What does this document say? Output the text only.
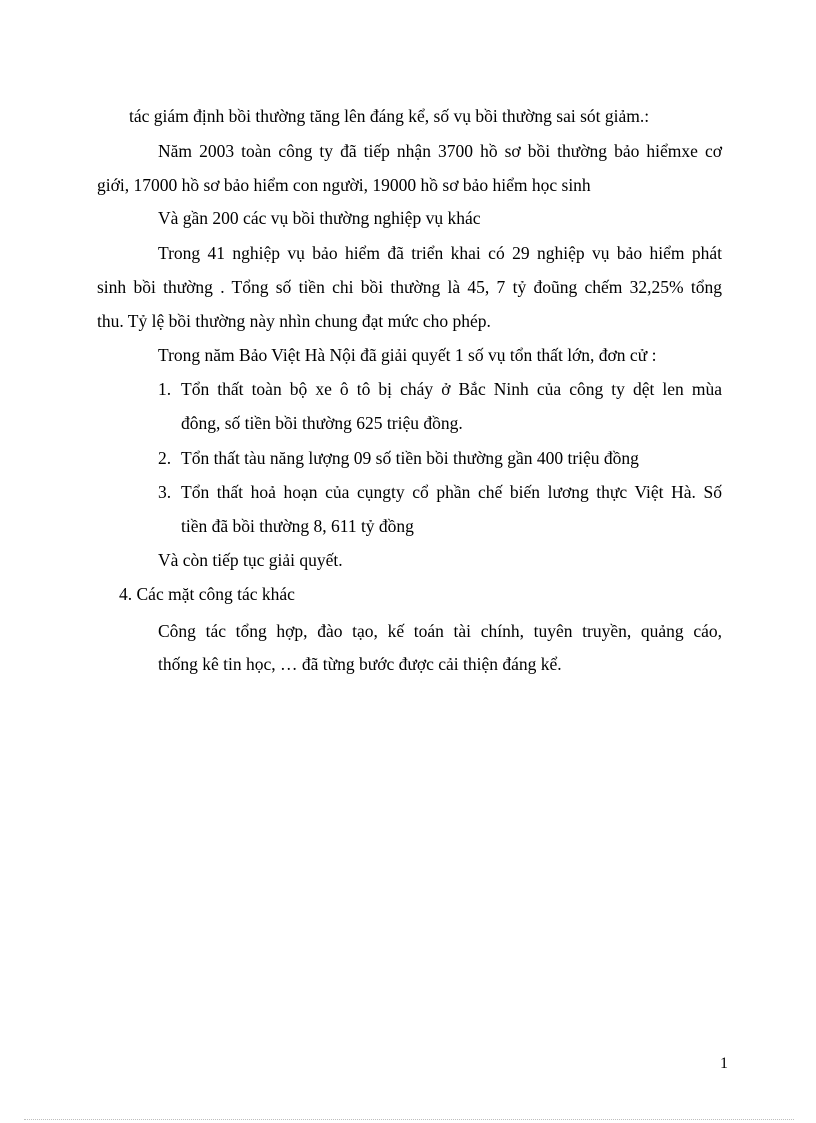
tác giám định bồi thường tăng lên đáng kể, số vụ bồi thường sai sót giảm.:
Năm 2003 toàn công ty đã tiếp nhận 3700 hồ sơ bồi thường bảo hiểmxe cơ
giới, 17000 hồ sơ bảo hiểm con người, 19000 hồ sơ bảo hiểm học sinh
Và gần 200 các vụ bồi thường nghiệp vụ khác
Trong 41 nghiệp vụ bảo hiểm đã triển khai có 29 nghiệp vụ bảo hiểm phát
sinh bồi thường . Tổng số tiền chi bồi thường là 45, 7 tỷ đoũng chếm 32,25% tổng
thu. Tỷ lệ bồi thường này nhìn chung đạt mức cho phép.
Trong năm Bảo Việt Hà Nội đã giải quyết 1 số vụ tổn thất lớn, đơn cử :
1. Tổn thất toàn bộ xe ô tô bị cháy ở Bắc Ninh của công ty dệt len mùa
đông, số tiền bồi thường 625 triệu đồng.
2. Tổn thất tàu năng lượng 09 số tiền bồi thường gần 400 triệu đồng
3. Tổn thất hoả hoạn của cụngty cổ phần chế biến lương thực Việt Hà. Số
tiền đã bồi thường 8, 611 tỷ đồng
Và còn tiếp tục giải quyết.
4. Các mặt công tác khác
Công tác tổng hợp, đào tạo, kế toán tài chính, tuyên truyền, quảng cáo,
thống kê tin học, … đã từng bước được cải thiện đáng kể.
1
